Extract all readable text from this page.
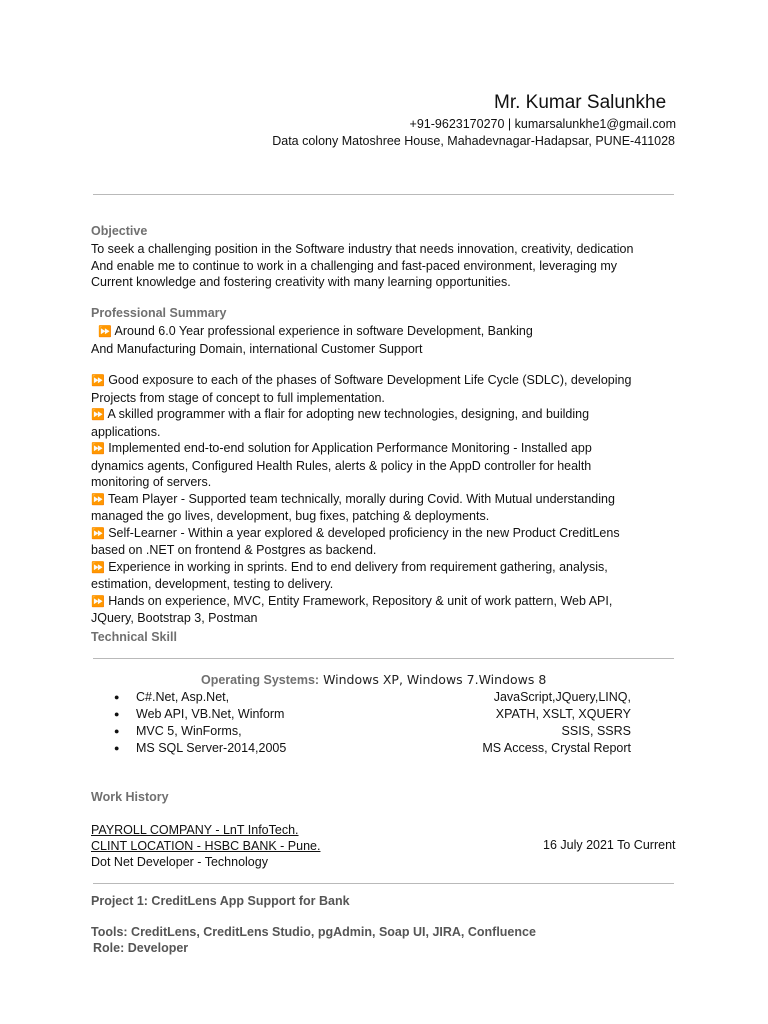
Mr. Kumar Salunkhe
+91-9623170270 | kumarsalunkhe1@gmail.com
Data colony Matoshree House, Mahadevnagar-Hadapsar, PUNE-411028
Objective
To seek a challenging position in the Software industry that needs innovation, creativity, dedication
And enable me to continue to work in a challenging and fast-paced environment, leveraging my
Current knowledge and fostering creativity with many learning opportunities.
Professional Summary
⏩ Around 6.0 Year professional experience in software Development, Banking
And Manufacturing Domain, international Customer Support
⏩ Good exposure to each of the phases of Software Development Life Cycle (SDLC), developing
Projects from stage of concept to full implementation.
⏩ A skilled programmer with a flair for adopting new technologies, designing, and building
applications.
⏩ Implemented end-to-end solution for Application Performance Monitoring - Installed app
dynamics agents, Configured Health Rules, alerts & policy in the AppD controller for health
monitoring of servers.
⏩ Team Player - Supported team technically, morally during Covid. With Mutual understanding
managed the go lives, development, bug fixes, patching & deployments.
⏩ Self-Learner - Within a year explored & developed proficiency in the new Product CreditLens
based on .NET on frontend & Postgres as backend.
⏩ Experience in working in sprints. End to end delivery from requirement gathering, analysis,
estimation, development, testing to delivery.
⏩ Hands on experience, MVC, Entity Framework, Repository & unit of work pattern, Web API,
JQuery, Bootstrap 3, Postman
Technical Skill
Operating Systems: Windows XP, Windows 7.Windows 8
● C#.Net, Asp.Net,
● Web API, VB.Net, Winform
● MVC 5, WinForms,
● MS SQL Server-2014,2005
JavaScript,JQuery,LINQ,
XPATH, XSLT, XQUERY
SSIS, SSRS
MS Access, Crystal Report
Work History
PAYROLL COMPANY - LnT InfoTech.
CLINT LOCATION - HSBC BANK - Pune.
Dot Net Developer - Technology
16 July 2021 To Current
Project 1: CreditLens App Support for Bank
Tools: CreditLens, CreditLens Studio, pgAdmin, Soap UI, JIRA, Confluence
Role: Developer
